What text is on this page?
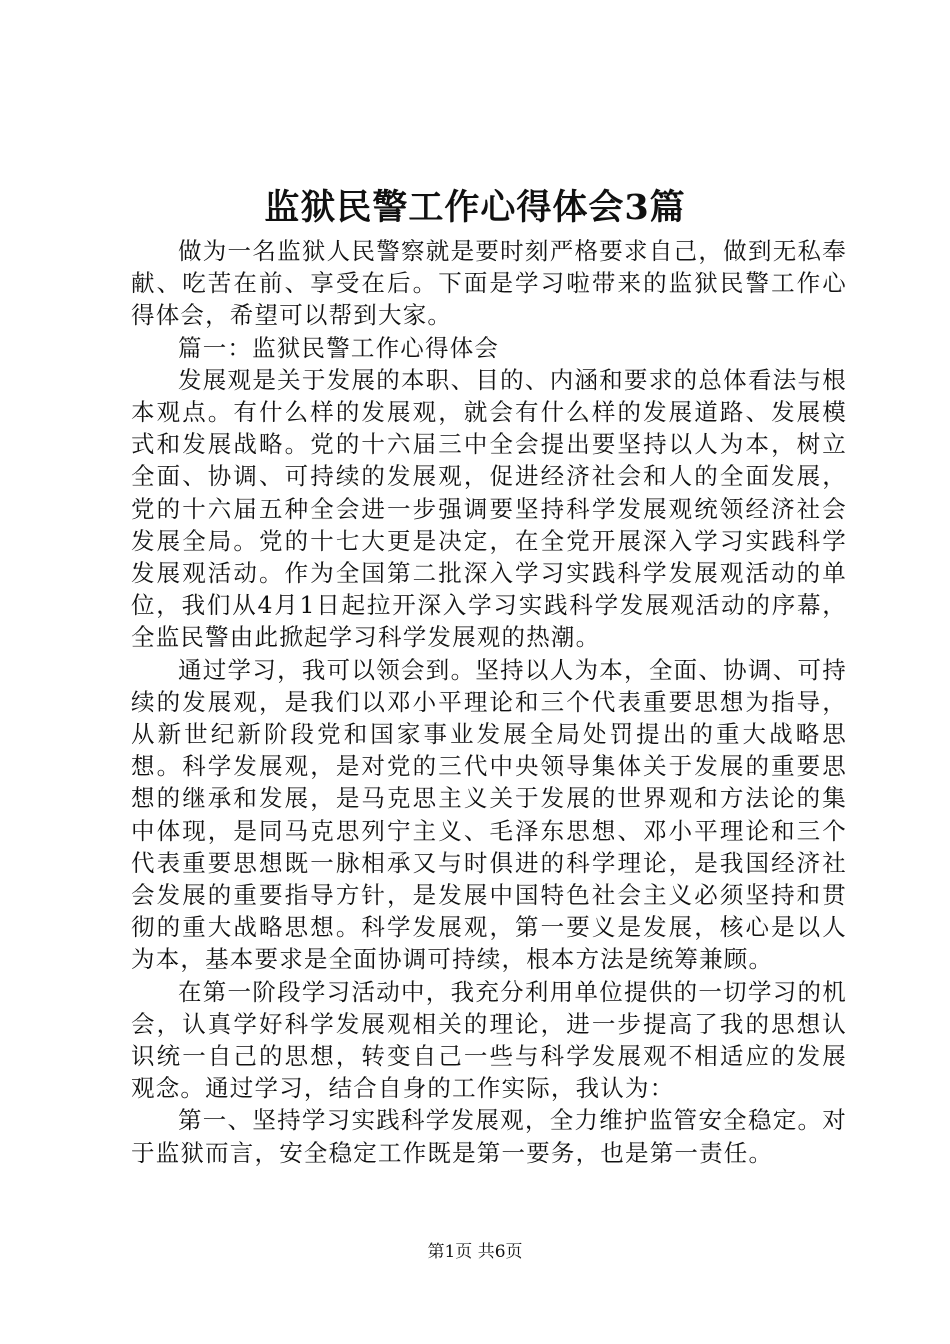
监狱民警工作心得体会3篇

做为一名监狱人民警察就是要时刻严格要求自己，做到无私奉献、吃苦在前、享受在后。下面是学习啦带来的监狱民警工作心得体会，希望可以帮到大家。

篇一：监狱民警工作心得体会

发展观是关于发展的本职、目的、内涵和要求的总体看法与根本观点。有什么样的发展观，就会有什么样的发展道路、发展模式和发展战略。党的十六届三中全会提出要坚持以人为本，树立全面、协调、可持续的发展观，促进经济社会和人的全面发展，党的十六届五种全会进一步强调要坚持科学发展观统领经济社会发展全局。党的十七大更是决定，在全党开展深入学习实践科学发展观活动。作为全国第二批深入学习实践科学发展观活动的单位，我们从4月1日起拉开深入学习实践科学发展观活动的序幕，全监民警由此掀起学习科学发展观的热潮。

通过学习，我可以领会到。坚持以人为本，全面、协调、可持续的发展观，是我们以邓小平理论和三个代表重要思想为指导，从新世纪新阶段党和国家事业发展全局处罚提出的重大战略思想。科学发展观，是对党的三代中央领导集体关于发展的重要思想的继承和发展，是马克思主义关于发展的世界观和方法论的集中体现，是同马克思列宁主义、毛泽东思想、邓小平理论和三个代表重要思想既一脉相承又与时俱进的科学理论，是我国经济社会发展的重要指导方针，是发展中国特色社会主义必须坚持和贯彻的重大战略思想。科学发展观，第一要义是发展，核心是以人为本，基本要求是全面协调可持续，根本方法是统筹兼顾。

在第一阶段学习活动中，我充分利用单位提供的一切学习的机会，认真学好科学发展观相关的理论，进一步提高了我的思想认识统一自己的思想，转变自己一些与科学发展观不相适应的发展观念。通过学习，结合自身的工作实际，我认为：

第一、坚持学习实践科学发展观，全力维护监管安全稳定。对于监狱而言，安全稳定工作既是第一要务，也是第一责任。

第1页 共6页
